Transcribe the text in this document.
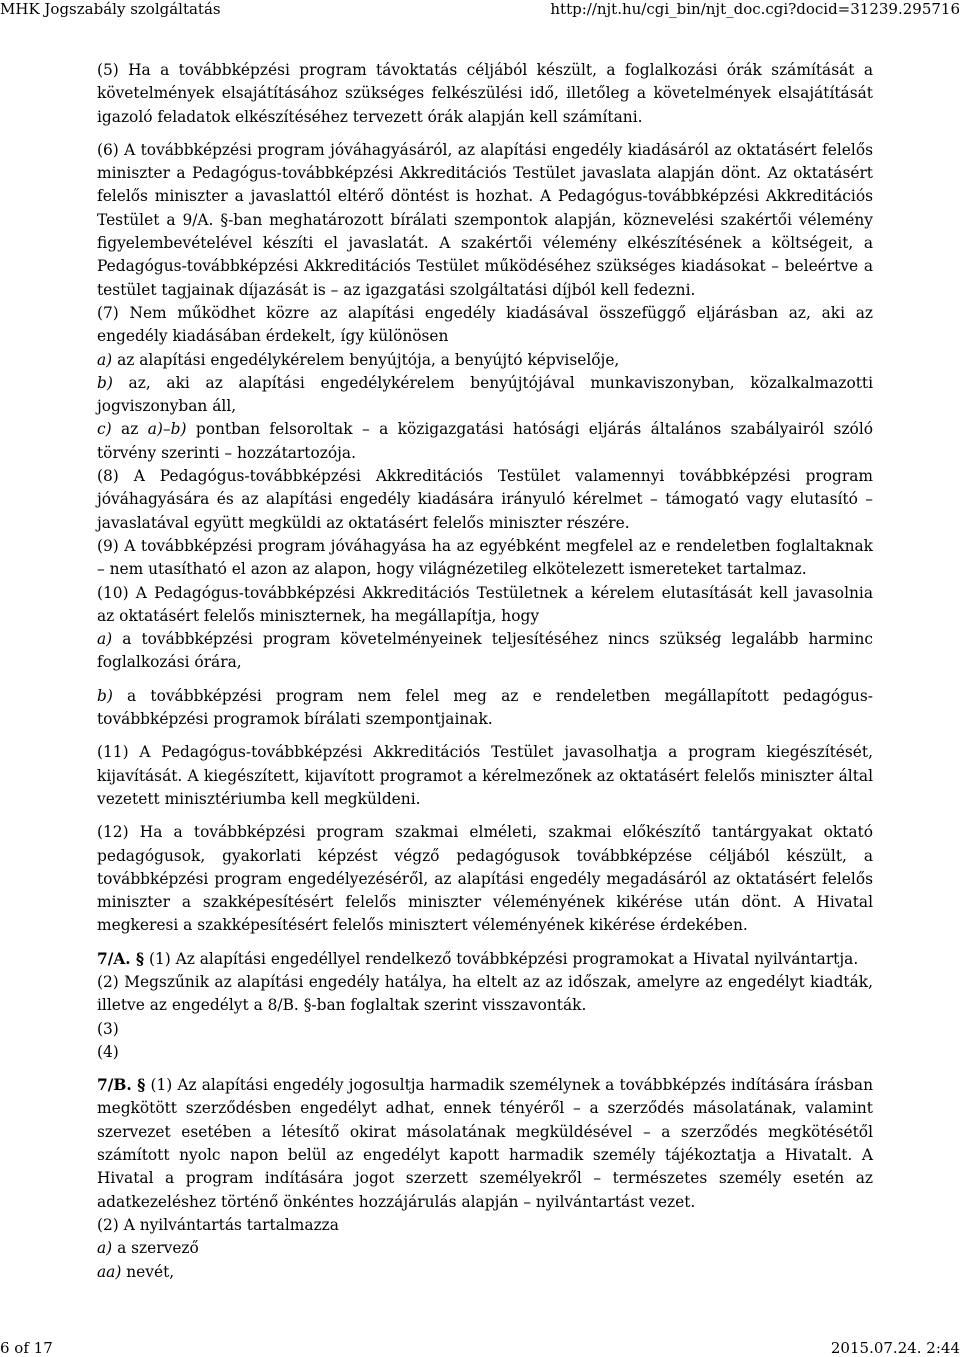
MHK Jogszabály szolgáltatás	http://njt.hu/cgi_bin/njt_doc.cgi?docid=31239.295716

(5) Ha a továbbképzési program távoktatás céljából készült, a foglalkozási órák számítását a követelmények elsajátításához szükséges felkészülési idő, illetőleg a követelmények elsajátítását igazoló feladatok elkészítéséhez tervezett órák alapján kell számítani.

(6) A továbbképzési program jóváhagyásáról, az alapítási engedély kiadásáról az oktatásért felelős miniszter a Pedagógus-továbbképzési Akkreditációs Testület javaslata alapján dönt. Az oktatásért felelős miniszter a javaslattól eltérő döntést is hozhat. A Pedagógus-továbbképzési Akkreditációs Testület a 9/A. §-ban meghatározott bírálati szempontok alapján, köznevelési szakértői vélemény figyelembevételével készíti el javaslatát. A szakértői vélemény elkészítésének a költségeit, a Pedagógus-továbbképzési Akkreditációs Testület működéséhez szükséges kiadásokat – beleértve a testület tagjainak díjazását is – az igazgatási szolgáltatási díjból kell fedezni.

(7) Nem működhet közre az alapítási engedély kiadásával összefüggő eljárásban az, aki az engedély kiadásában érdekelt, így különösen

a) az alapítási engedélykérelem benyújtója, a benyújtó képviselője,

b) az, aki az alapítási engedélykérelem benyújtójával munkaviszonyban, közalkalmazotti jogviszonyban áll,

c) az a)–b) pontban felsoroltak – a közigazgatási hatósági eljárás általános szabályairól szóló törvény szerinti – hozzátartozója.

(8) A Pedagógus-továbbképzési Akkreditációs Testület valamennyi továbbképzési program jóváhagyására és az alapítási engedély kiadására irányuló kérelmet – támogató vagy elutasító – javaslatával együtt megküldi az oktatásért felelős miniszter részére.

(9) A továbbképzési program jóváhagyása ha az egyébként megfelel az e rendeletben foglaltaknak – nem utasítható el azon az alapon, hogy világnézetileg elkötelezett ismereteket tartalmaz.

(10) A Pedagógus-továbbképzési Akkreditációs Testületnek a kérelem elutasítását kell javasolnia az oktatásért felelős miniszternek, ha megállapítja, hogy

a) a továbbképzési program követelményeinek teljesítéséhez nincs szükség legalább harminc foglalkozási órára,

b) a továbbképzési program nem felel meg az e rendeletben megállapított pedagógus-továbbképzési programok bírálati szempontjainak.

(11) A Pedagógus-továbbképzési Akkreditációs Testület javasolhatja a program kiegészítését, kijavítását. A kiegészített, kijavított programot a kérelmezőnek az oktatásért felelős miniszter által vezetett minisztériumba kell megküldeni.

(12) Ha a továbbképzési program szakmai elméleti, szakmai előkészítő tantárgyakat oktató pedagógusok, gyakorlati képzést végző pedagógusok továbbképzése céljából készült, a továbbképzési program engedélyezéséről, az alapítási engedély megadásáról az oktatásért felelős miniszter a szakképesítésért felelős miniszter véleményének kikérése után dönt. A Hivatal megkeresi a szakképesítésért felelős minisztert véleményének kikérése érdekében.

7/A. § (1) Az alapítási engedéllyel rendelkező továbbképzési programokat a Hivatal nyilvántartja.

(2) Megszűnik az alapítási engedély hatálya, ha eltelt az az időszak, amelyre az engedélyt kiadták, illetve az engedélyt a 8/B. §-ban foglaltak szerint visszavonták.

(3)

(4)

7/B. § (1) Az alapítási engedély jogosultja harmadik személynek a továbbképzés indítására írásban megkötött szerződésben engedélyt adhat, ennek tényéről – a szerződés másolatának, valamint szervezet esetében a létesítő okirat másolatának megküldésével – a szerződés megkötésétől számított nyolc napon belül az engedélyt kapott harmadik személy tájékoztatja a Hivatalt. A Hivatal a program indítására jogot szerzett személyekről – természetes személy esetén az adatkezeléshez történő önkéntes hozzájárulás alapján – nyilvántartást vezet.

(2) A nyilvántartás tartalmazza

a) a szervező

aa) nevét,

6 of 17	2015.07.24. 2:44
